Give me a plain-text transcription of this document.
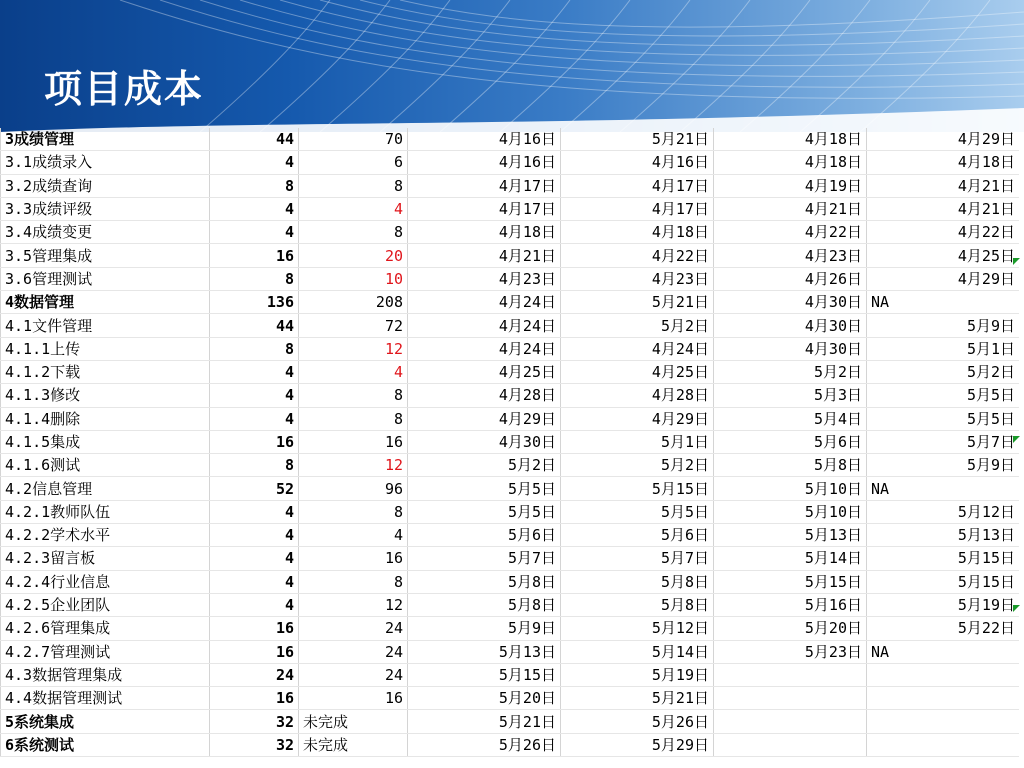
项目成本
3成绩管理	44	70	4月16日	5月21日	4月18日	4月29日
3.1成绩录入	4	6	4月16日	4月16日	4月18日	4月18日
3.2成绩查询	8	8	4月17日	4月17日	4月19日	4月21日
3.3成绩评级	4	4	4月17日	4月17日	4月21日	4月21日
3.4成绩变更	4	8	4月18日	4月18日	4月22日	4月22日
3.5管理集成	16	20	4月21日	4月22日	4月23日	4月25日
3.6管理测试	8	10	4月23日	4月23日	4月26日	4月29日
4数据管理	136	208	4月24日	5月21日	4月30日	NA
4.1文件管理	44	72	4月24日	5月2日	4月30日	5月9日
4.1.1上传	8	12	4月24日	4月24日	4月30日	5月1日
4.1.2下载	4	4	4月25日	4月25日	5月2日	5月2日
4.1.3修改	4	8	4月28日	4月28日	5月3日	5月5日
4.1.4删除	4	8	4月29日	4月29日	5月4日	5月5日
4.1.5集成	16	16	4月30日	5月1日	5月6日	5月7日
4.1.6测试	8	12	5月2日	5月2日	5月8日	5月9日
4.2信息管理	52	96	5月5日	5月15日	5月10日	NA
4.2.1教师队伍	4	8	5月5日	5月5日	5月10日	5月12日
4.2.2学术水平	4	4	5月6日	5月6日	5月13日	5月13日
4.2.3留言板	4	16	5月7日	5月7日	5月14日	5月15日
4.2.4行业信息	4	8	5月8日	5月8日	5月15日	5月15日
4.2.5企业团队	4	12	5月8日	5月8日	5月16日	5月19日
4.2.6管理集成	16	24	5月9日	5月12日	5月20日	5月22日
4.2.7管理测试	16	24	5月13日	5月14日	5月23日	NA
4.3数据管理集成	24	24	5月15日	5月19日		
4.4数据管理测试	16	16	5月20日	5月21日		
5系统集成	32	未完成	5月21日	5月26日		
6系统测试	32	未完成	5月26日	5月29日		
